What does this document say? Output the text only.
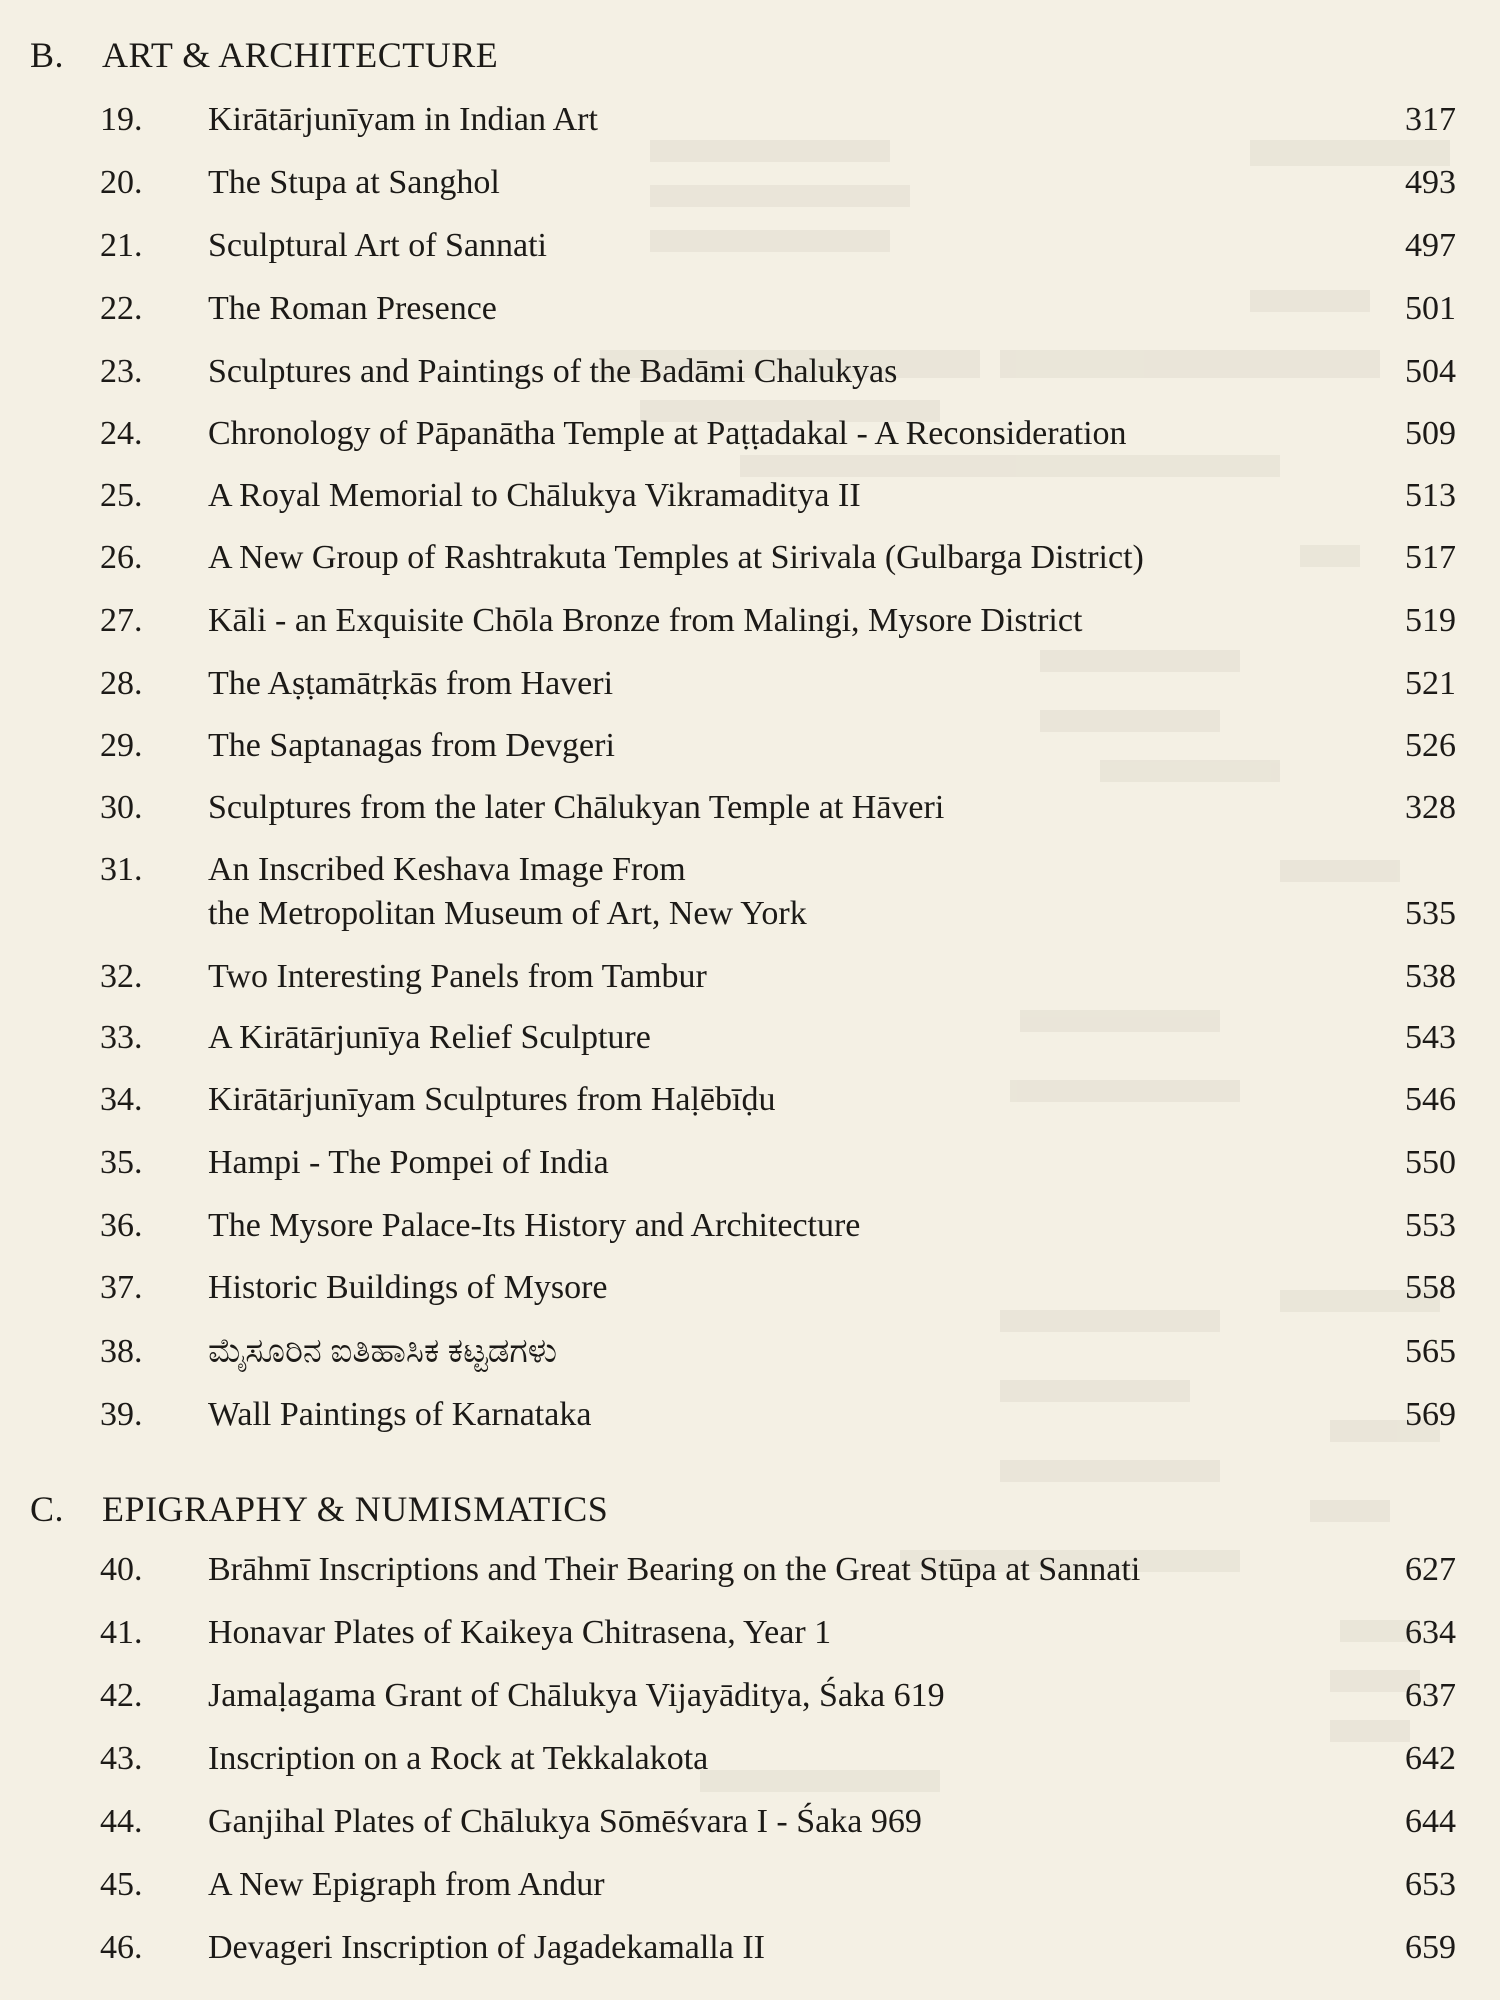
B. ART & ARCHITECTURE
19. Kirātārjunīyam in Indian Art	317
20. The Stupa at Sanghol	493
21. Sculptural Art of Sannati	497
22. The Roman Presence	501
23. Sculptures and Paintings of the Badāmi Chalukyas	504
24. Chronology of Pāpanātha Temple at Paṭṭadakal - A Reconsideration	509
25. A Royal Memorial to Chālukya Vikramaditya II	513
26. A New Group of Rashtrakuta Temples at Sirivala (Gulbarga District)	517
27. Kāli - an Exquisite Chōla Bronze from Malingi, Mysore District	519
28. The Aṣṭamātṛkās from Haveri	521
29. The Saptanagas from Devgeri	526
30. Sculptures from the later Chālukyan Temple at Hāveri	328
31. An Inscribed Keshava Image From
the Metropolitan Museum of Art, New York	535
32. Two Interesting Panels from Tambur	538
33. A Kirātārjunīya Relief Sculpture	543
34. Kirātārjunīyam Sculptures from Haḷēbīḍu	546
35. Hampi - The Pompei of India	550
36. The Mysore Palace-Its History and Architecture	553
37. Historic Buildings of Mysore	558
38. ಮೈಸೂರಿನ ಐತಿಹಾಸಿಕ ಕಟ್ಟಡಗಳು	565
39. Wall Paintings of Karnataka	569
C. EPIGRAPHY & NUMISMATICS
40. Brāhmī Inscriptions and Their Bearing on the Great Stūpa at Sannati	627
41. Honavar Plates of Kaikeya Chitrasena, Year 1	634
42. Jamaḷagama Grant of Chālukya Vijayāditya, Śaka 619	637
43. Inscription on a Rock at Tekkalakota	642
44. Ganjihal Plates of Chālukya Sōmēśvara I - Śaka 969	644
45. A New Epigraph from Andur	653
46. Devageri Inscription of Jagadekamalla II	659
